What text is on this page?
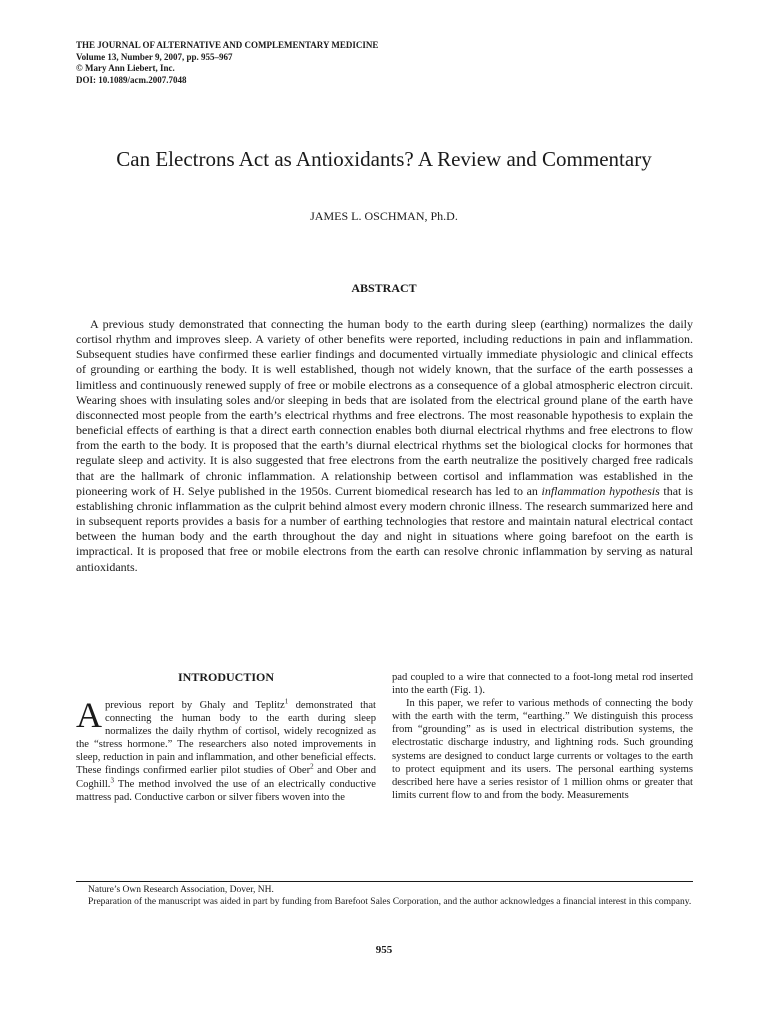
THE JOURNAL OF ALTERNATIVE AND COMPLEMENTARY MEDICINE
Volume 13, Number 9, 2007, pp. 955–967
© Mary Ann Liebert, Inc.
DOI: 10.1089/acm.2007.7048
Can Electrons Act as Antioxidants? A Review and Commentary
JAMES L. OSCHMAN, Ph.D.
ABSTRACT
A previous study demonstrated that connecting the human body to the earth during sleep (earthing) normalizes the daily cortisol rhythm and improves sleep. A variety of other benefits were reported, including reductions in pain and inflammation. Subsequent studies have confirmed these earlier findings and documented virtually immediate physiologic and clinical effects of grounding or earthing the body. It is well established, though not widely known, that the surface of the earth possesses a limitless and continuously renewed supply of free or mobile electrons as a consequence of a global atmospheric electron circuit. Wearing shoes with insulating soles and/or sleeping in beds that are isolated from the electrical ground plane of the earth have disconnected most people from the earth’s electrical rhythms and free electrons. The most reasonable hypothesis to explain the beneficial effects of earthing is that a direct earth connection enables both diurnal electrical rhythms and free electrons to flow from the earth to the body. It is proposed that the earth’s diurnal electrical rhythms set the biological clocks for hormones that regulate sleep and activity. It is also suggested that free electrons from the earth neutralize the positively charged free radicals that are the hallmark of chronic inflammation. A relationship between cortisol and inflammation was established in the pioneering work of H. Selye published in the 1950s. Current biomedical research has led to an inflammation hypothesis that is establishing chronic inflammation as the culprit behind almost every modern chronic illness. The research summarized here and in subsequent reports provides a basis for a number of earthing technologies that restore and maintain natural electrical contact between the human body and the earth throughout the day and night in situations where going barefoot on the earth is impractical. It is proposed that free or mobile electrons from the earth can resolve chronic inflammation by serving as natural antioxidants.
INTRODUCTION

Aprevious report by Ghaly and Teplitz$^1$ demonstrated that connecting the human body to the earth during sleep normalizes the daily rhythm of cortisol, widely recognized as the “stress hormone.” The researchers also noted improvements in sleep, reduction in pain and inflammation, and other beneficial effects. These findings confirmed earlier pilot studies of Ober$^2$ and Ober and Coghill.$^3$ The method involved the use of an electrically conductive mattress pad. Conductive carbon or silver fibers woven into the

pad coupled to a wire that connected to a foot-long metal rod inserted into the earth (Fig. 1).

In this paper, we refer to various methods of connecting the body with the earth with the term, “earthing.” We distinguish this process from “grounding” as is used in electrical distribution systems, the electrostatic discharge industry, and lightning rods. Such grounding systems are designed to conduct large currents or voltages to the earth to protect equipment and its users. The personal earthing systems described here have a series resistor of 1 million ohms or greater that limits current flow to and from the body. Measurements

Nature’s Own Research Association, Dover, NH.

Preparation of the manuscript was aided in part by funding from Barefoot Sales Corporation, and the author acknowledges a financial interest in this company.

955
